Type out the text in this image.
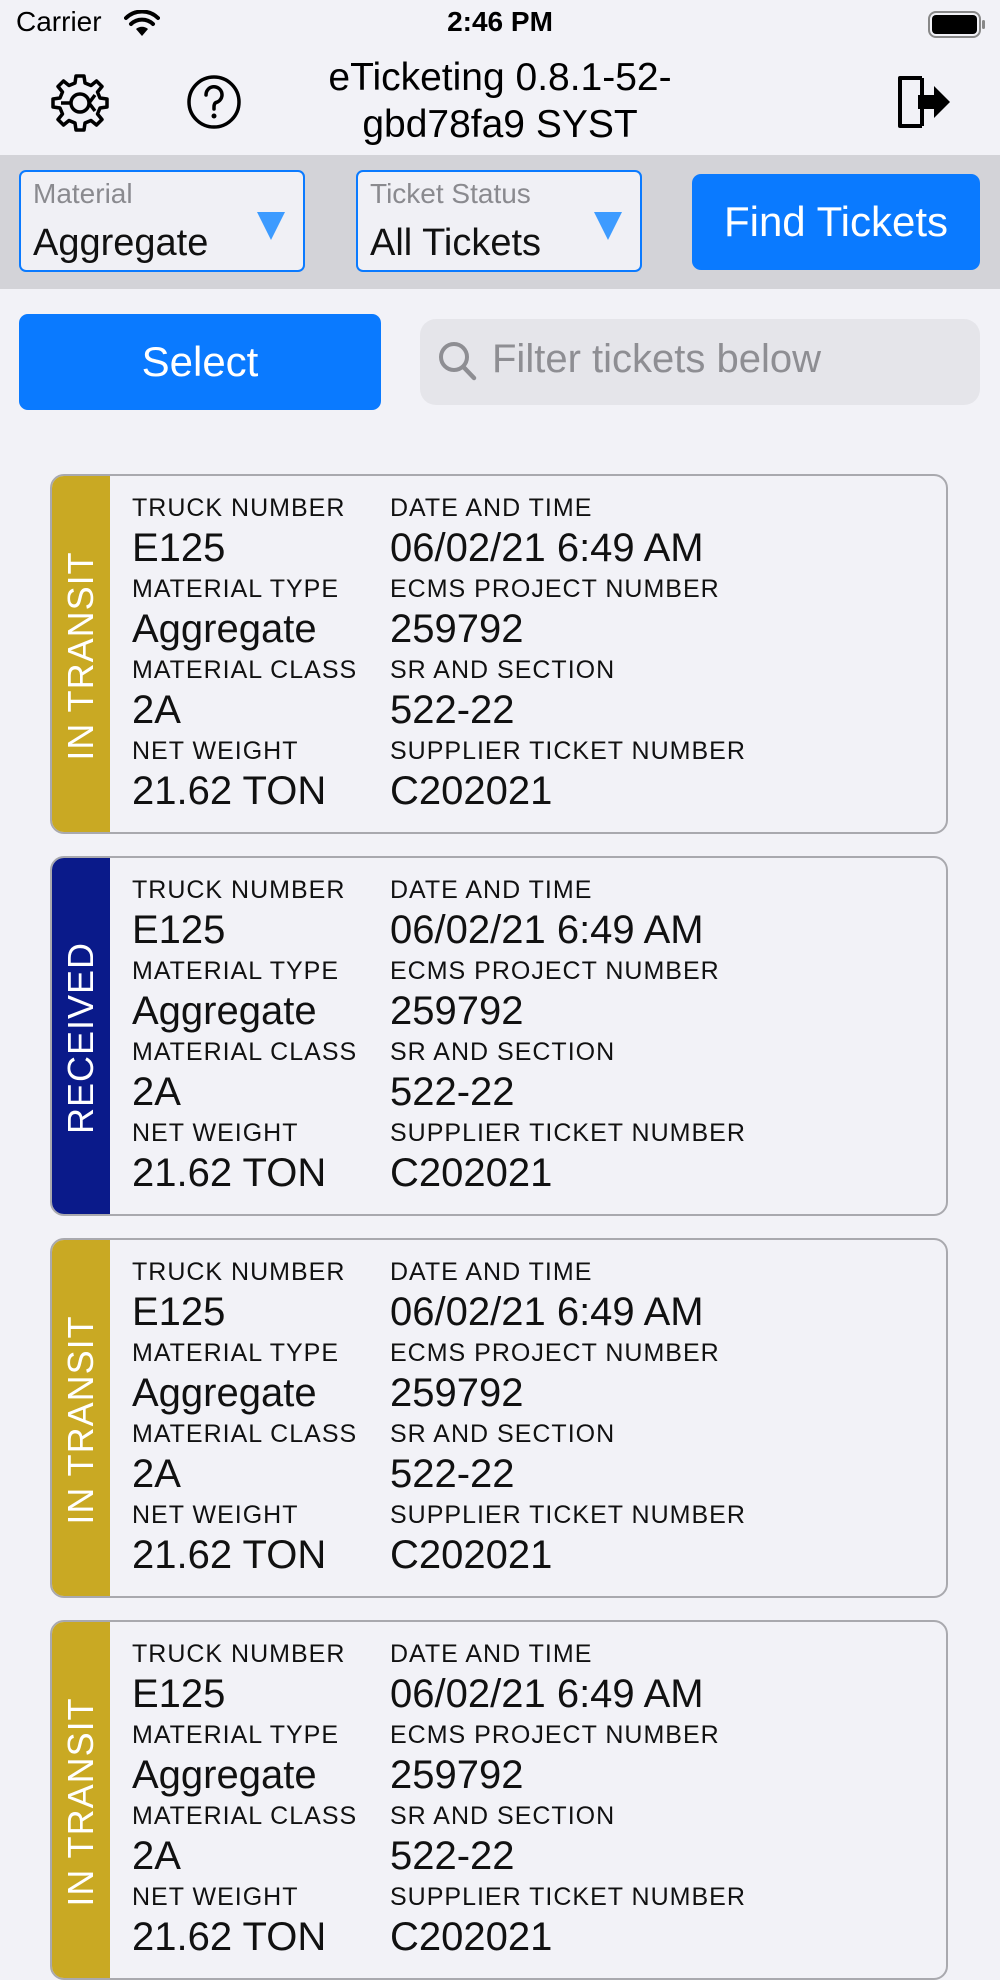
Carrier	2:46 PM
eTicketing 0.8.1-52-gbd78fa9 SYST
Material
Aggregate
Ticket Status
All Tickets	Find Tickets
Select	Filter tickets below
IN TRANSIT
TRUCK NUMBER
E125
DATE AND TIME
06/02/21 6:49 AM
MATERIAL TYPE
Aggregate
ECMS PROJECT NUMBER
259792
MATERIAL CLASS
2A
SR AND SECTION
522-22
NET WEIGHT
21.62 TON
SUPPLIER TICKET NUMBER
C202021
RECEIVED
TRUCK NUMBER
E125
DATE AND TIME
06/02/21 6:49 AM
MATERIAL TYPE
Aggregate
ECMS PROJECT NUMBER
259792
MATERIAL CLASS
2A
SR AND SECTION
522-22
NET WEIGHT
21.62 TON
SUPPLIER TICKET NUMBER
C202021
IN TRANSIT
TRUCK NUMBER
E125
DATE AND TIME
06/02/21 6:49 AM
MATERIAL TYPE
Aggregate
ECMS PROJECT NUMBER
259792
MATERIAL CLASS
2A
SR AND SECTION
522-22
NET WEIGHT
21.62 TON
SUPPLIER TICKET NUMBER
C202021
IN TRANSIT
TRUCK NUMBER
E125
DATE AND TIME
06/02/21 6:49 AM
MATERIAL TYPE
Aggregate
ECMS PROJECT NUMBER
259792
MATERIAL CLASS
2A
SR AND SECTION
522-22
NET WEIGHT
21.62 TON
SUPPLIER TICKET NUMBER
C202021
